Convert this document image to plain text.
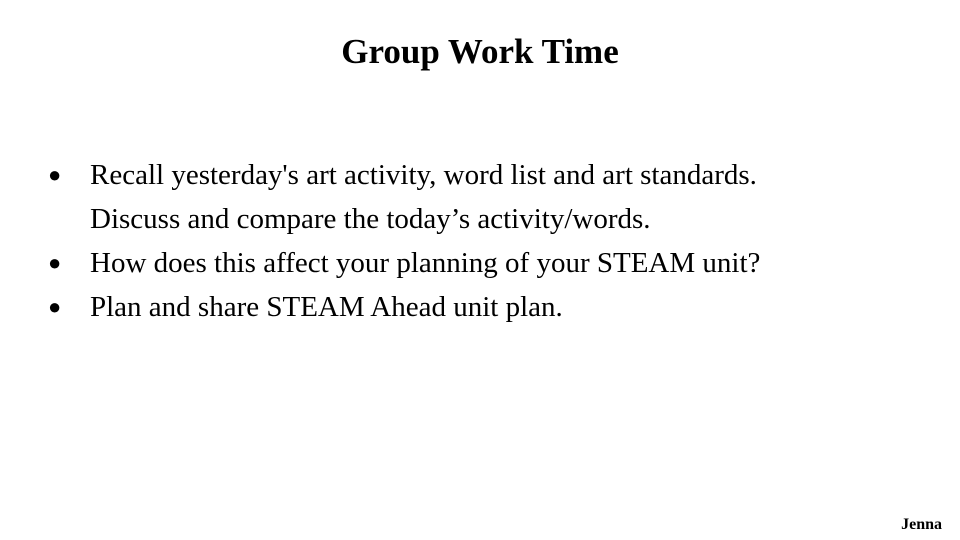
Group Work Time
● Recall yesterday's art activity, word list and art standards.
Discuss and compare the today’s activity/words.
● How does this affect your planning of your STEAM unit?
● Plan and share STEAM Ahead unit plan.
Jenna
